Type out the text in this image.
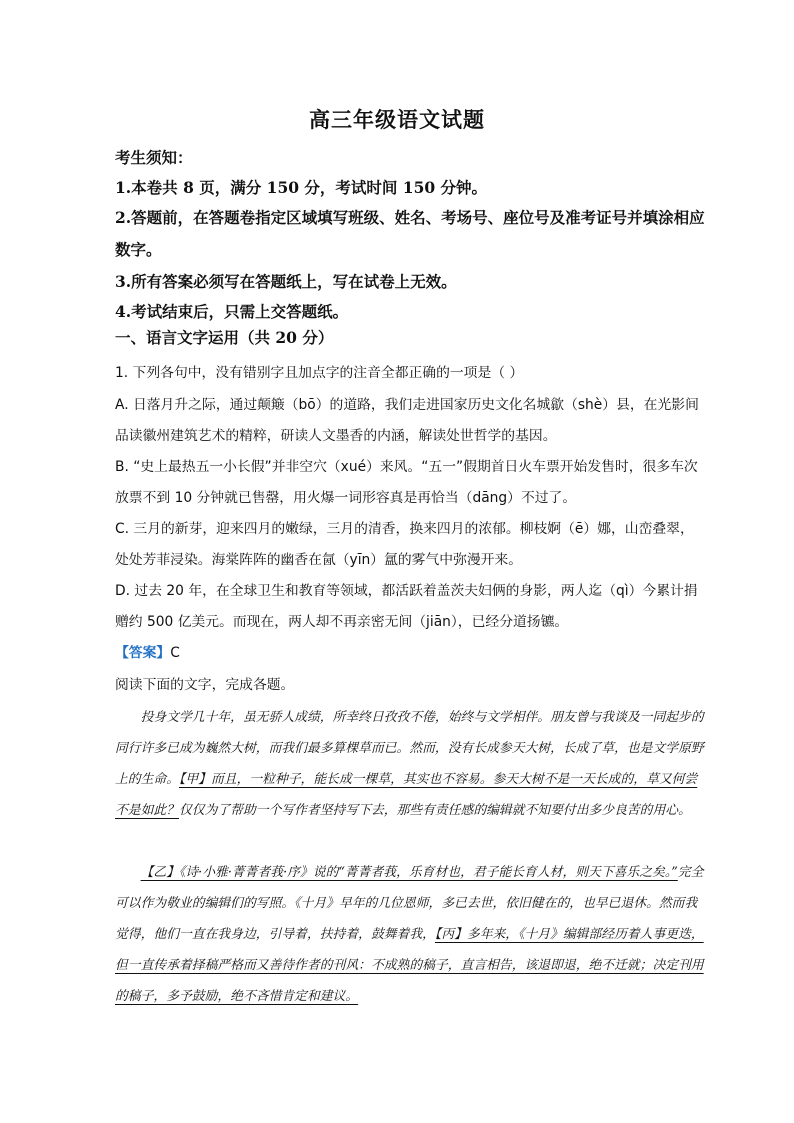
高三年级语文试题
考生须知：
1.本卷共 8 页，满分 150 分，考试时间 150 分钟。
2.答题前，在答题卷指定区域填写班级、姓名、考场号、座位号及准考证号并填涂相应数字。
3.所有答案必须写在答题纸上，写在试卷上无效。
4.考试结束后，只需上交答题纸。
一、语言文字运用（共 20 分）
1. 下列各句中，没有错别字且加点字的注音全都正确的一项是（ ）
A. 日落月升之际，通过颠簸（bō）的道路，我们走进国家历史文化名城歙（shè）县，在光影间品读徽州建筑艺术的精粹，研读人文墨香的内涵，解读处世哲学的基因。
B. “史上最热五一小长假”并非空穴（xué）来风。“五一”假期首日火车票开始发售时，很多车次放票不到 10 分钟就已售罄，用火爆一词形容真是再恰当（dāng）不过了。
C. 三月的新芽，迎来四月的嫩绿，三月的清香，换来四月的浓郁。柳枝婀（ē）娜，山峦叠翠，处处芳菲浸染。海棠阵阵的幽香在氤（yīn）氲的雾气中弥漫开来。
D. 过去 20 年，在全球卫生和教育等领域，都活跃着盖茨夫妇俩的身影，两人迄（qì）今累计捐赠约 500 亿美元。而现在，两人却不再亲密无间（jiān），已经分道扬镳。
【答案】C
阅读下面的文字，完成各题。
投身文学几十年，虽无骄人成绩，所幸终日孜孜不倦，始终与文学相伴。朋友曾与我谈及一同起步的同行许多已成为巍然大树，而我们最多算棵草而已。然而，没有长成参天大树，长成了草，也是文学原野上的生命。【甲】而且，一粒种子，能长成一棵草，其实也不容易。参天大树不是一天长成的，草又何尝不是如此？仅仅为了帮助一个写作者坚持写下去，那些有责任感的编辑就不知要付出多少良苦的用心。
【乙】《诗·小雅·菁菁者莪·序》说的“菁菁者莪，乐育材也，君子能长育人材，则天下喜乐之矣。”完全可以作为敬业的编辑们的写照。《十月》早年的几位恩师，多已去世，依旧健在的，也早已退休。然而我觉得，他们一直在我身边，引导着，扶持着，鼓舞着我，【丙】多年来，《十月》编辑部经历着人事更迭，但一直传承着择稿严格而又善待作者的刊风：不成熟的稿子，直言相告，该退即退，绝不迁就；决定刊用的稿子，多予鼓励，绝不吝惜肯定和建议。
